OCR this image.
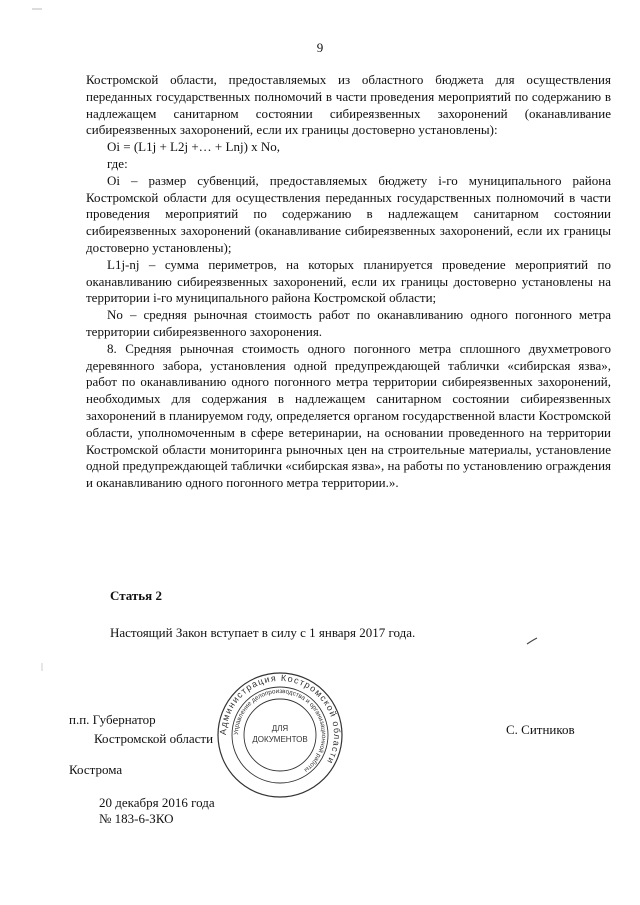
9

Костромской области, предоставляемых из областного бюджета для осуществления переданных государственных полномочий в части проведения мероприятий по содержанию в надлежащем санитарном состоянии сибиреязвенных захоронений (оканавливание сибиреязвенных захоронений, если их границы достоверно установлены):

Oi = (L1j + L2j +… + Lnj) x No,

где:

Oi – размер субвенций, предоставляемых бюджету i-го муниципального района Костромской области для осуществления переданных государственных полномочий в части проведения мероприятий по содержанию в надлежащем санитарном состоянии сибиреязвенных захоронений (оканавливание сибиреязвенных захоронений, если их границы достоверно установлены);

L1j-nj – сумма периметров, на которых планируется проведение мероприятий по оканавливанию сибиреязвенных захоронений, если их границы достоверно установлены на территории i-го муниципального района Костромской области;

No – средняя рыночная стоимость работ по оканавливанию одного погонного метра территории сибиреязвенного захоронения.

8. Средняя рыночная стоимость одного погонного метра сплошного двухметрового деревянного забора, установления одной предупреждающей таблички «сибирская язва», работ по оканавливанию одного погонного метра территории сибиреязвенных захоронений, необходимых для содержания в надлежащем санитарном состоянии сибиреязвенных захоронений в планируемом году, определяется органом государственной власти Костромской области, уполномоченным в сфере ветеринарии, на основании проведенного на территории Костромской области мониторинга рыночных цен на строительные материалы, установление одной предупреждающей таблички «сибирская язва», на работы по установлению ограждения и оканавливанию одного погонного метра территории.».

Статья 2
Настоящий Закон вступает в силу с 1 января 2017 года.
п.п. Губернатор
Костромской области
С. Ситников
Кострома
20 декабря 2016 года
№ 183-6-ЗКО
Администрация Костромской области
Управление делопроизводства и организационной работы
ДЛЯ
ДОКУМЕНТОВ
